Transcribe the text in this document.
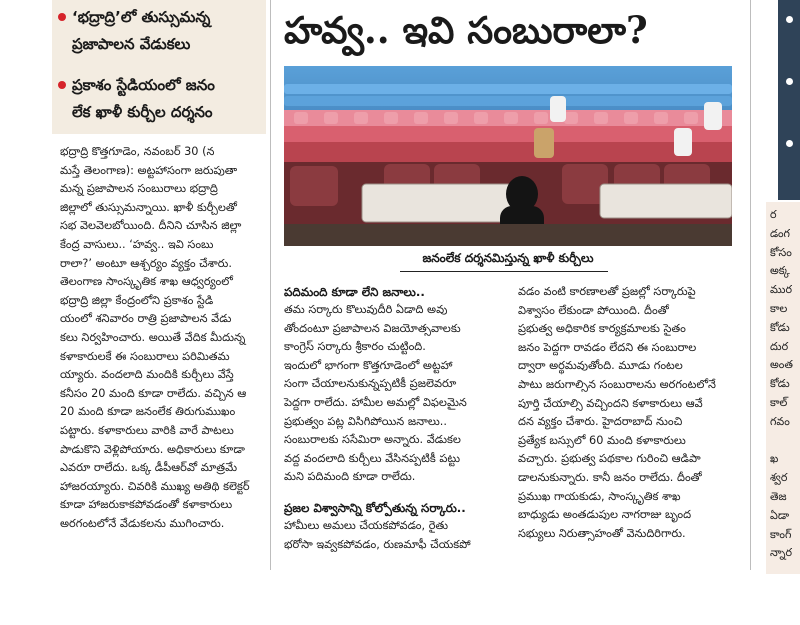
‘భద్రాద్రి’లో తుస్సుమన్న
ప్రజాపాలన వేడుకలు
ప్రకాశం స్టేడియంలో జనం
లేక ఖాళీ కుర్చీల దర్శనం
హవ్వ.. ఇవి సంబురాలా?
జనంలేక దర్శనమిస్తున్న ఖాళీ కుర్చీలు
భద్రాద్రి కొత్తగూడెం, నవంబర్ 30 (న
మస్తే తెలంగాణ): అట్టహాసంగా జరుపుతా
మన్న ప్రజాపాలన సంబురాలు భద్రాద్రి
జిల్లాలో తుస్సుమన్నాయి. ఖాళీ కుర్చీలతో
సభ వెలవెలబోయింది. దీనిని చూసిన జిల్లా
కేంద్ర వాసులు.. ‘హవ్వ.. ఇవి సంబు
రాలా?’ అంటూ ఆశ్చర్యం వ్యక్తం చేశారు.
తెలంగాణ సాంస్కృతిక శాఖ ఆధ్వర్యంలో
భద్రాద్రి జిల్లా కేంద్రంలోని ప్రకాశం స్టేడి
యంలో శనివారం రాత్రి ప్రజాపాలన వేడు
కలు నిర్వహించారు. అయితే వేదిక మీదున్న
కళాకారులకే ఈ సంబురాలు పరిమితమ
య్యారు. వందలాది మందికి కుర్చీలు వేస్తే
కనీసం 20 మంది కూడా రాలేదు. వచ్చిన ఆ
20 మంది కూడా జనంలేక తిరుగుముఖం
పట్టారు. కళాకారులు వారికి వారే పాటలు
పాడుకొని వెళ్లిపోయారు. అధికారులు కూడా
ఎవరూ రాలేదు. ఒక్క డీపీఆర్‌వో మాత్రమే
హాజరయ్యారు. చివరికి ముఖ్య అతిథి కలెక్టర్
కూడా హాజరుకాకపోవడంతో కళాకారులు
అరగంటలోనే వేడుకలను ముగించారు.
పదిమంది కూడా లేని జనాలు..
తమ సర్కారు కొలువుదీరి ఏడాది అవు
తోందంటూ ప్రజాపాలన విజయోత్సవాలకు
కాంగ్రెస్ సర్కారు శ్రీకారం చుట్టింది.
ఇందులో భాగంగా కొత్తగూడెంలో అట్టహా
సంగా చేయాలనుకున్నప్పటికీ ప్రజలెవరూ
పెద్దగా రాలేదు. హామీల అమల్లో విఫలమైన
ప్రభుత్వం పట్ల విసిగిపోయిన జనాలు..
సంబురాలకు ససేమిరా అన్నారు. వేడుకల
వద్ద వందలాది కుర్చీలు వేసినప్పటికీ పట్టు
మని పదిమంది కూడా రాలేదు.
ప్రజల విశ్వాసాన్ని కోల్పోతున్న సర్కారు..
హామీలు అమలు చేయకపోవడం, రైతు
భరోసా ఇవ్వకపోవడం, రుణమాఫీ చేయకపో
వడం వంటి కారణాలతో ప్రజల్లో సర్కారుపై
విశ్వాసం లేకుండా పోయింది. దీంతో
ప్రభుత్వ అధికారిక కార్యక్రమాలకు సైతం
జనం పెద్దగా రావడం లేదని ఈ సంబురాల
ద్వారా అర్థమవుతోంది. మూడు గంటల
పాటు జరుగాల్సిన సంబురాలను అరగంటలోనే
పూర్తి చేయాల్సి వచ్చిందని కళాకారులు ఆవే
దన వ్యక్తం చేశారు. హైదరాబాద్ నుంచి
ప్రత్యేక బస్సులో 60 మంది కళాకారులు
వచ్చారు. ప్రభుత్వ పథకాల గురించి ఆడిపా
డాలనుకున్నారు. కానీ జనం రాలేదు. దీంతో
ప్రముఖ గాయకుడు, సాంస్కృతిక శాఖ
బాధ్యుడు అంతడుపుల నాగరాజు బృంద
సభ్యులు నిరుత్సాహంతో వెనుదిరిగారు.
ర
డంగ
కోసం
అక్క
ముర
కాల
కోడు
దుర
అంత
కోడు
కాల్
గవం
ఖ
శ్వర
తెజ
ఏడా
కాంగ్
న్నార
